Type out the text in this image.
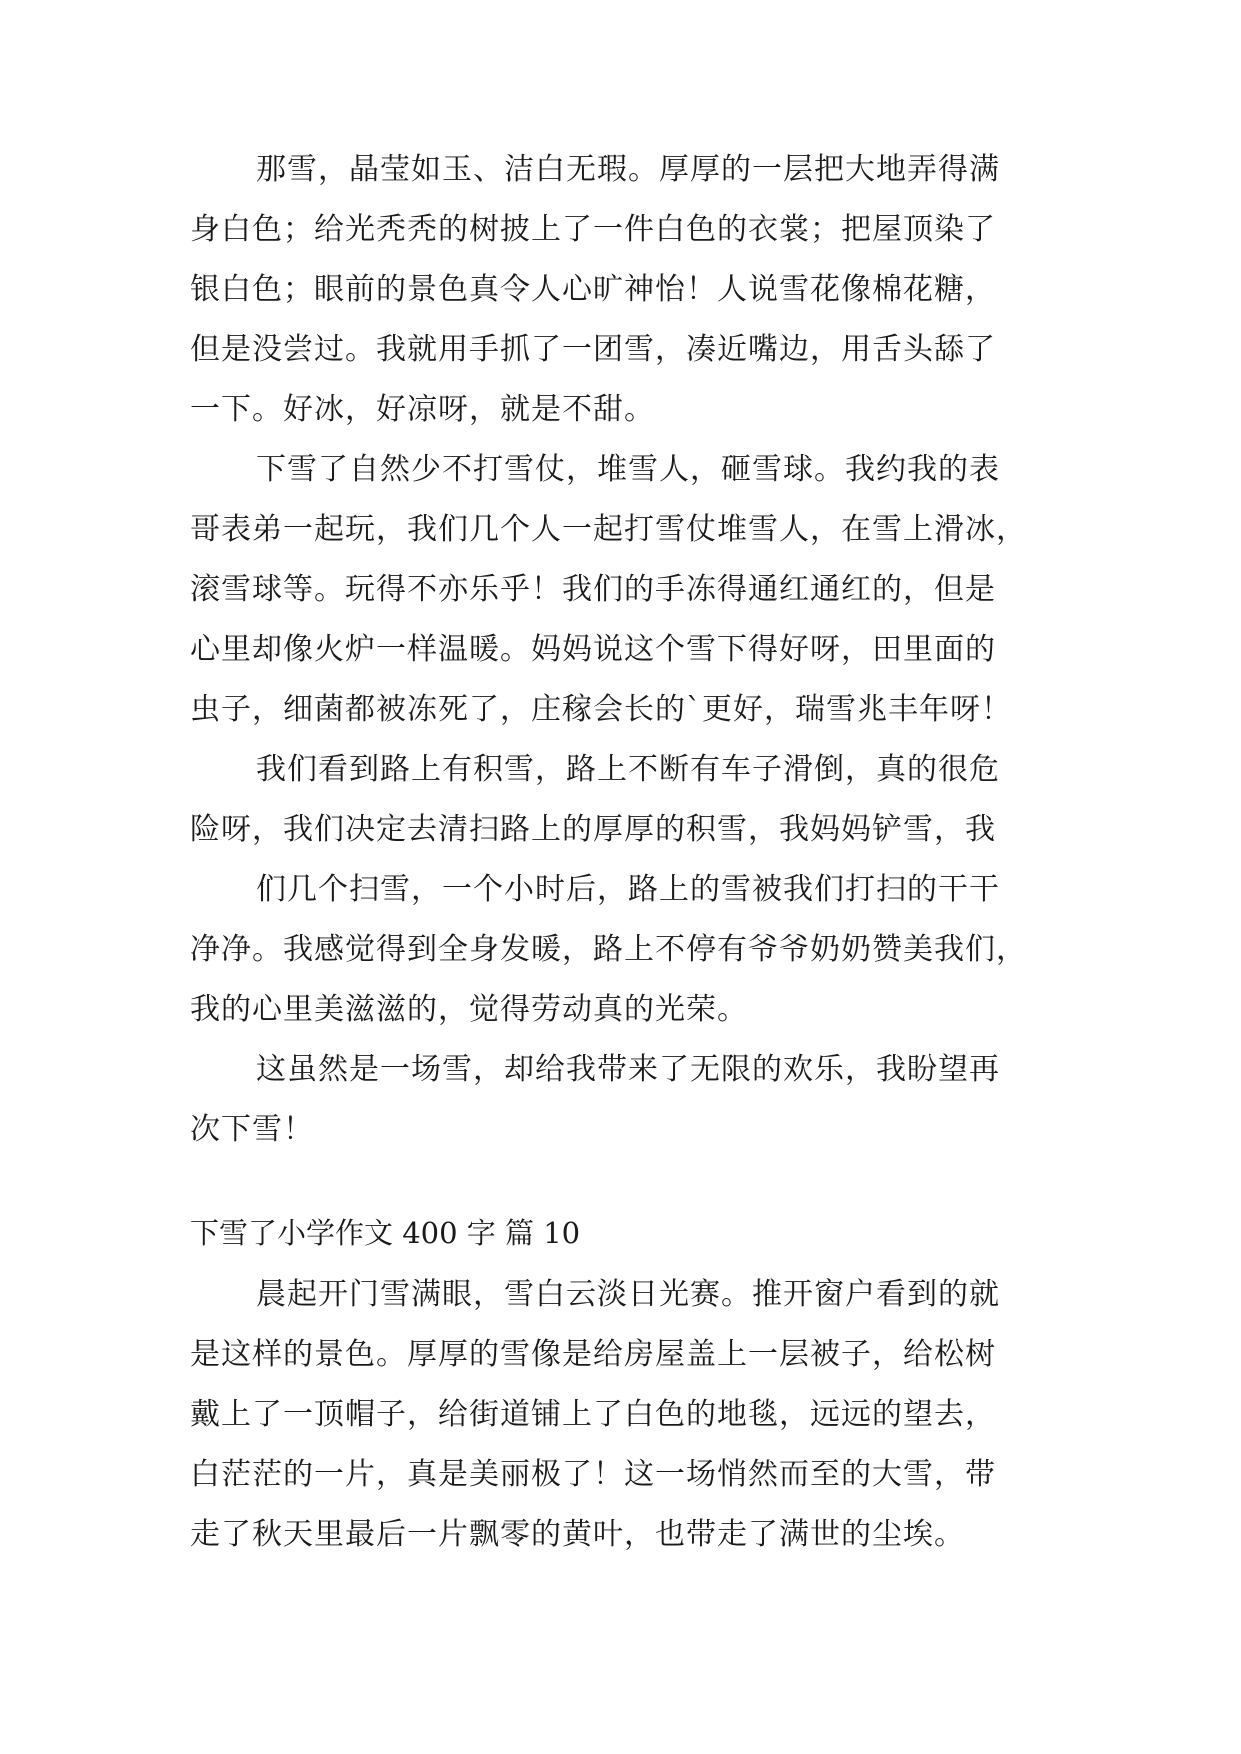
那雪，晶莹如玉、洁白无瑕。厚厚的一层把大地弄得满
身白色；给光秃秃的树披上了一件白色的衣裳；把屋顶染了
银白色；眼前的景色真令人心旷神怡！人说雪花像棉花糖，
但是没尝过。我就用手抓了一团雪，凑近嘴边，用舌头舔了
一下。好冰，好凉呀，就是不甜。
下雪了自然少不打雪仗，堆雪人，砸雪球。我约我的表
哥表弟一起玩，我们几个人一起打雪仗堆雪人，在雪上滑冰，
滚雪球等。玩得不亦乐乎！我们的手冻得通红通红的，但是
心里却像火炉一样温暖。妈妈说这个雪下得好呀，田里面的
虫子，细菌都被冻死了，庄稼会长的`更好，瑞雪兆丰年呀！
我们看到路上有积雪，路上不断有车子滑倒，真的很危
险呀，我们决定去清扫路上的厚厚的积雪，我妈妈铲雪，我
们几个扫雪，一个小时后，路上的雪被我们打扫的干干
净净。我感觉得到全身发暖，路上不停有爷爷奶奶赞美我们，
我的心里美滋滋的，觉得劳动真的光荣。
这虽然是一场雪，却给我带来了无限的欢乐，我盼望再
次下雪！
下雪了小学作文 400 字 篇 10
晨起开门雪满眼，雪白云淡日光赛。推开窗户看到的就
是这样的景色。厚厚的雪像是给房屋盖上一层被子，给松树
戴上了一顶帽子，给街道铺上了白色的地毯，远远的望去，
白茫茫的一片，真是美丽极了！这一场悄然而至的大雪，带
走了秋天里最后一片飘零的黄叶，也带走了满世的尘埃。
